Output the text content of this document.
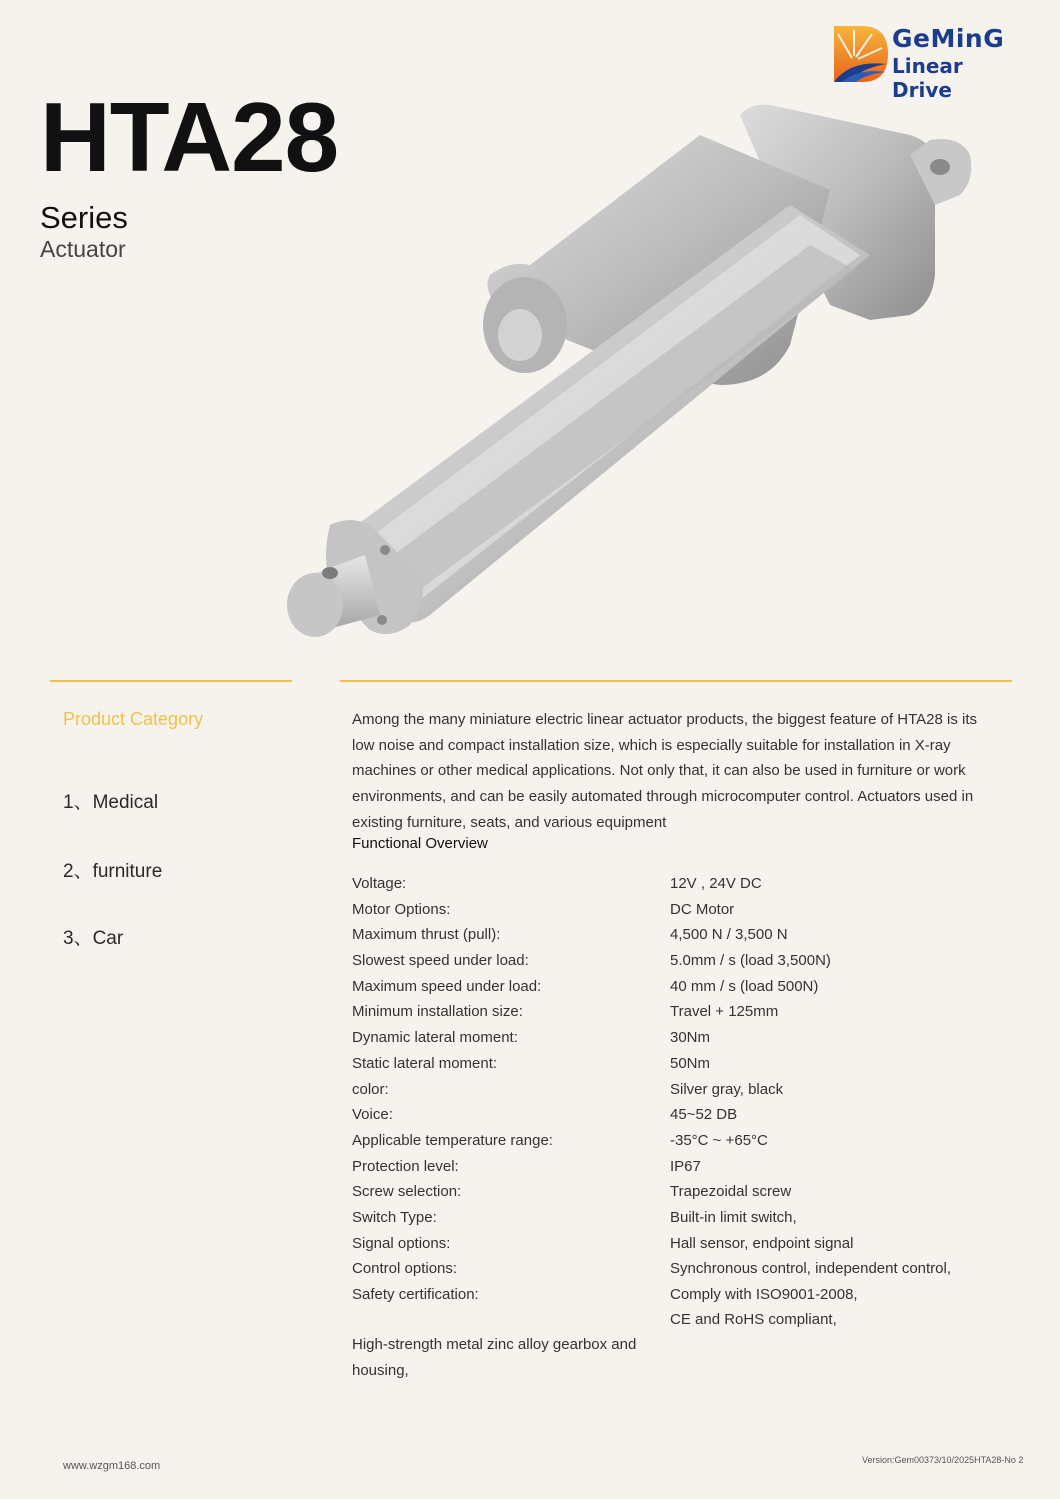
HTA28
Series
Actuator
GeMinG
Linear Drive
Product Category
1、Medical
2、furniture
3、Car

Among the many miniature electric linear actuator products, the biggest feature of HTA28 is its low noise and compact installation size, which is especially suitable for installation in X-ray machines or other medical applications. Not only that, it can also be used in furniture or work environments, and can be easily automated through microcomputer control. Actuators used in existing furniture, seats, and various equipment

Functional Overview
Voltage:	12V , 24V DC
Motor Options:	DC Motor
Maximum thrust (pull):	4,500 N / 3,500 N
Slowest speed under load:	5.0mm / s (load 3,500N)
Maximum speed under load:	40 mm / s (load 500N)
Minimum installation size:	Travel + 125mm
Dynamic lateral moment:	30Nm
Static lateral moment:	50Nm
color:	Silver gray, black
Voice:	45~52 DB
Applicable temperature range:	-35°C ~ +65°C
Protection level:	IP67
Screw selection:	Trapezoidal screw
Switch Type:	Built-in limit switch,
Signal options:	Hall sensor, endpoint signal
Control options:	Synchronous control, independent control,
Safety certification:	Comply with ISO9001-2008,
CE and RoHS compliant,
High-strength metal zinc alloy gearbox and housing,
www.wzgm168.com	Version:Gem00373/10/2025HTA28-No 2
